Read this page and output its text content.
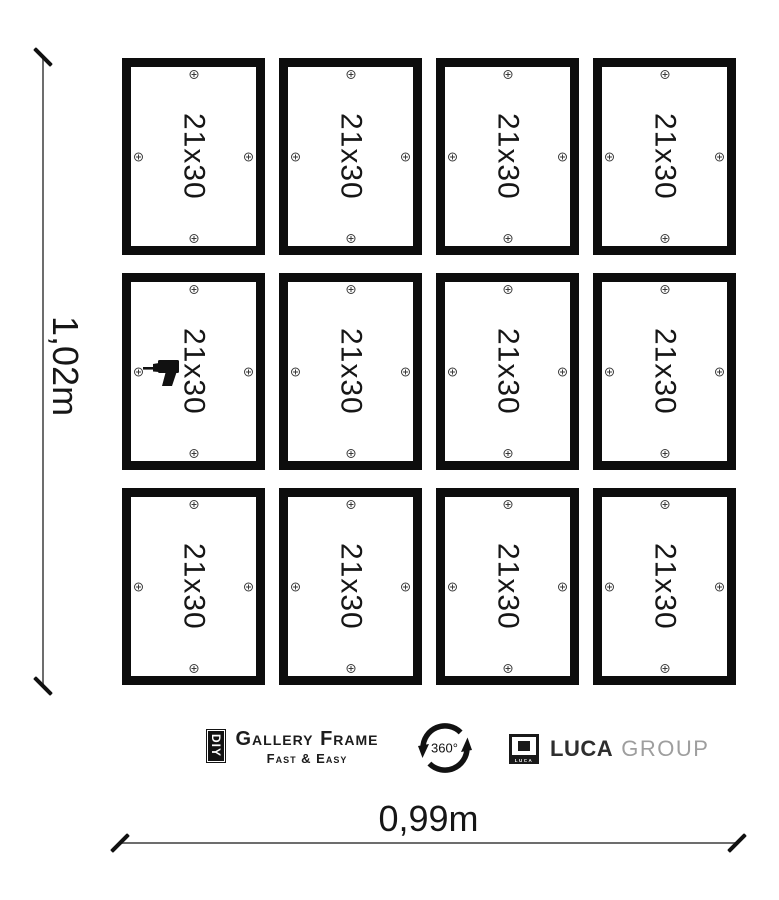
1,02m
0,99m
21x30	21x30	21x30	21x30
21x30	21x30	21x30	21x30
21x30	21x30	21x30	21x30
DIY Gallery Frame
Fast & Easy
360°
LUCA LUCA GROUP
